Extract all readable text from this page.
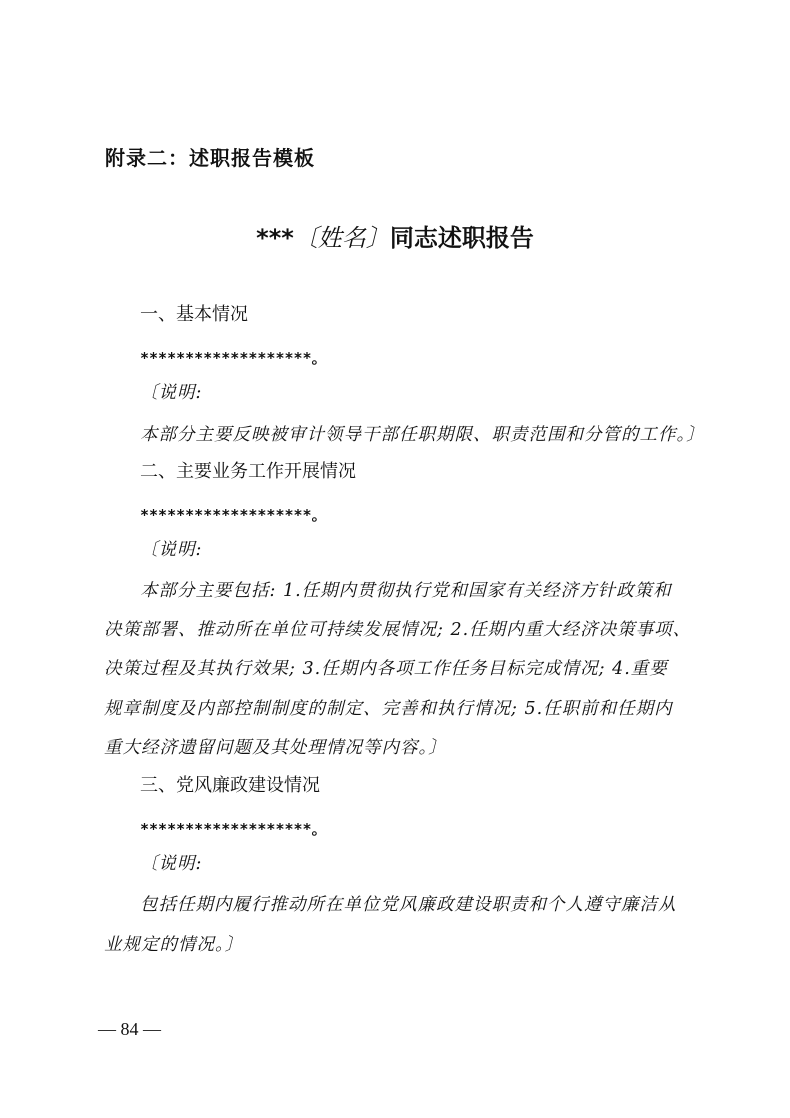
附录二：述职报告模板
***〔姓名〕同志述职报告
一、基本情况
*******************。
〔说明:
本部分主要反映被审计领导干部任职期限、职责范围和分管的工作。〕
二、主要业务工作开展情况
*******************。
〔说明:
本部分主要包括: 1.任期内贯彻执行党和国家有关经济方针政策和
决策部署、推动所在单位可持续发展情况; 2.任期内重大经济决策事项、
决策过程及其执行效果; 3.任期内各项工作任务目标完成情况; 4.重要
规章制度及内部控制制度的制定、完善和执行情况; 5.任职前和任期内
重大经济遗留问题及其处理情况等内容。〕
三、党风廉政建设情况
*******************。
〔说明:
包括任期内履行推动所在单位党风廉政建设职责和个人遵守廉洁从
业规定的情况。〕
— 84 —
